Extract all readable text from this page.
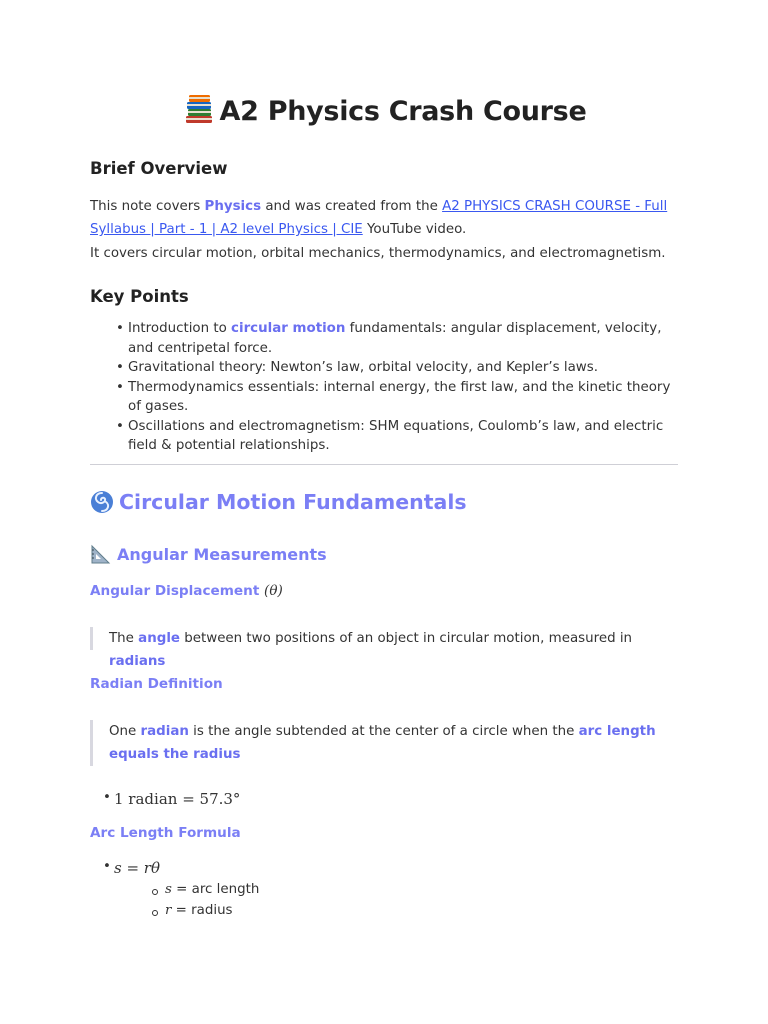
A2 Physics Crash Course
Brief Overview
This note covers Physics and was created from the A2 PHYSICS CRASH COURSE - Full Syllabus | Part - 1 | A2 level Physics | CIE YouTube video.
It covers circular motion, orbital mechanics, thermodynamics, and electromagnetism.
Key Points
• Introduction to circular motion fundamentals: angular displacement, velocity, and centripetal force.
• Gravitational theory: Newton’s law, orbital velocity, and Kepler’s laws.
• Thermodynamics essentials: internal energy, the first law, and the kinetic theory of gases.
• Oscillations and electromagnetism: SHM equations, Coulomb’s law, and electric field & potential relationships.
Circular Motion Fundamentals
Angular Measurements
Angular Displacement (θ)
The angle between two positions of an object in circular motion, measured in radians
Radian Definition
One radian is the angle subtended at the center of a circle when the arc length equals the radius
• 1 radian = 57.3°
Arc Length Formula
• s = rθ
s = arc length
r = radius
